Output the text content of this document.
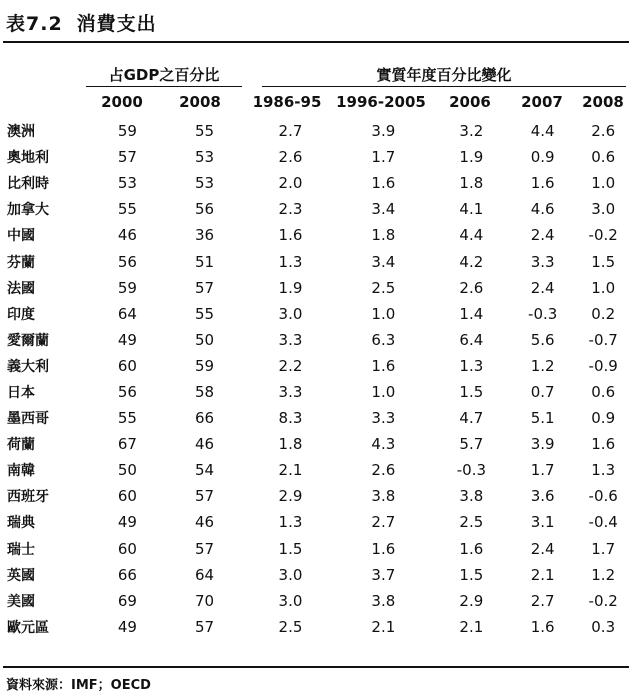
表7.2 消費支出
占GDP之百分比	實質年度百分比變化
2000	2008	1986-95 1996-2005	2006	2007	2008
澳洲	59	55	2.7	3.9	3.2	4.4	2.6
奧地利	57	53	2.6	1.7	1.9	0.9	0.6
比利時	53	53	2.0	1.6	1.8	1.6	1.0
加拿大	55	56	2.3	3.4	4.1	4.6	3.0
中國	46	36	1.6	1.8	4.4	2.4	-0.2
芬蘭	56	51	1.3	3.4	4.2	3.3	1.5
法國	59	57	1.9	2.5	2.6	2.4	1.0
印度	64	55	3.0	1.0	1.4	-0.3	0.2
愛爾蘭	49	50	3.3	6.3	6.4	5.6	-0.7
義大利	60	59	2.2	1.6	1.3	1.2	-0.9
日本	56	58	3.3	1.0	1.5	0.7	0.6
墨西哥	55	66	8.3	3.3	4.7	5.1	0.9
荷蘭	67	46	1.8	4.3	5.7	3.9	1.6
南韓	50	54	2.1	2.6	-0.3	1.7	1.3
西班牙	60	57	2.9	3.8	3.8	3.6	-0.6
瑞典	49	46	1.3	2.7	2.5	3.1	-0.4
瑞士	60	57	1.5	1.6	1.6	2.4	1.7
英國	66	64	3.0	3.7	1.5	2.1	1.2
美國	69	70	3.0	3.8	2.9	2.7	-0.2
歐元區	49	57	2.5	2.1	2.1	1.6	0.3
資料來源：IMF；OECD
